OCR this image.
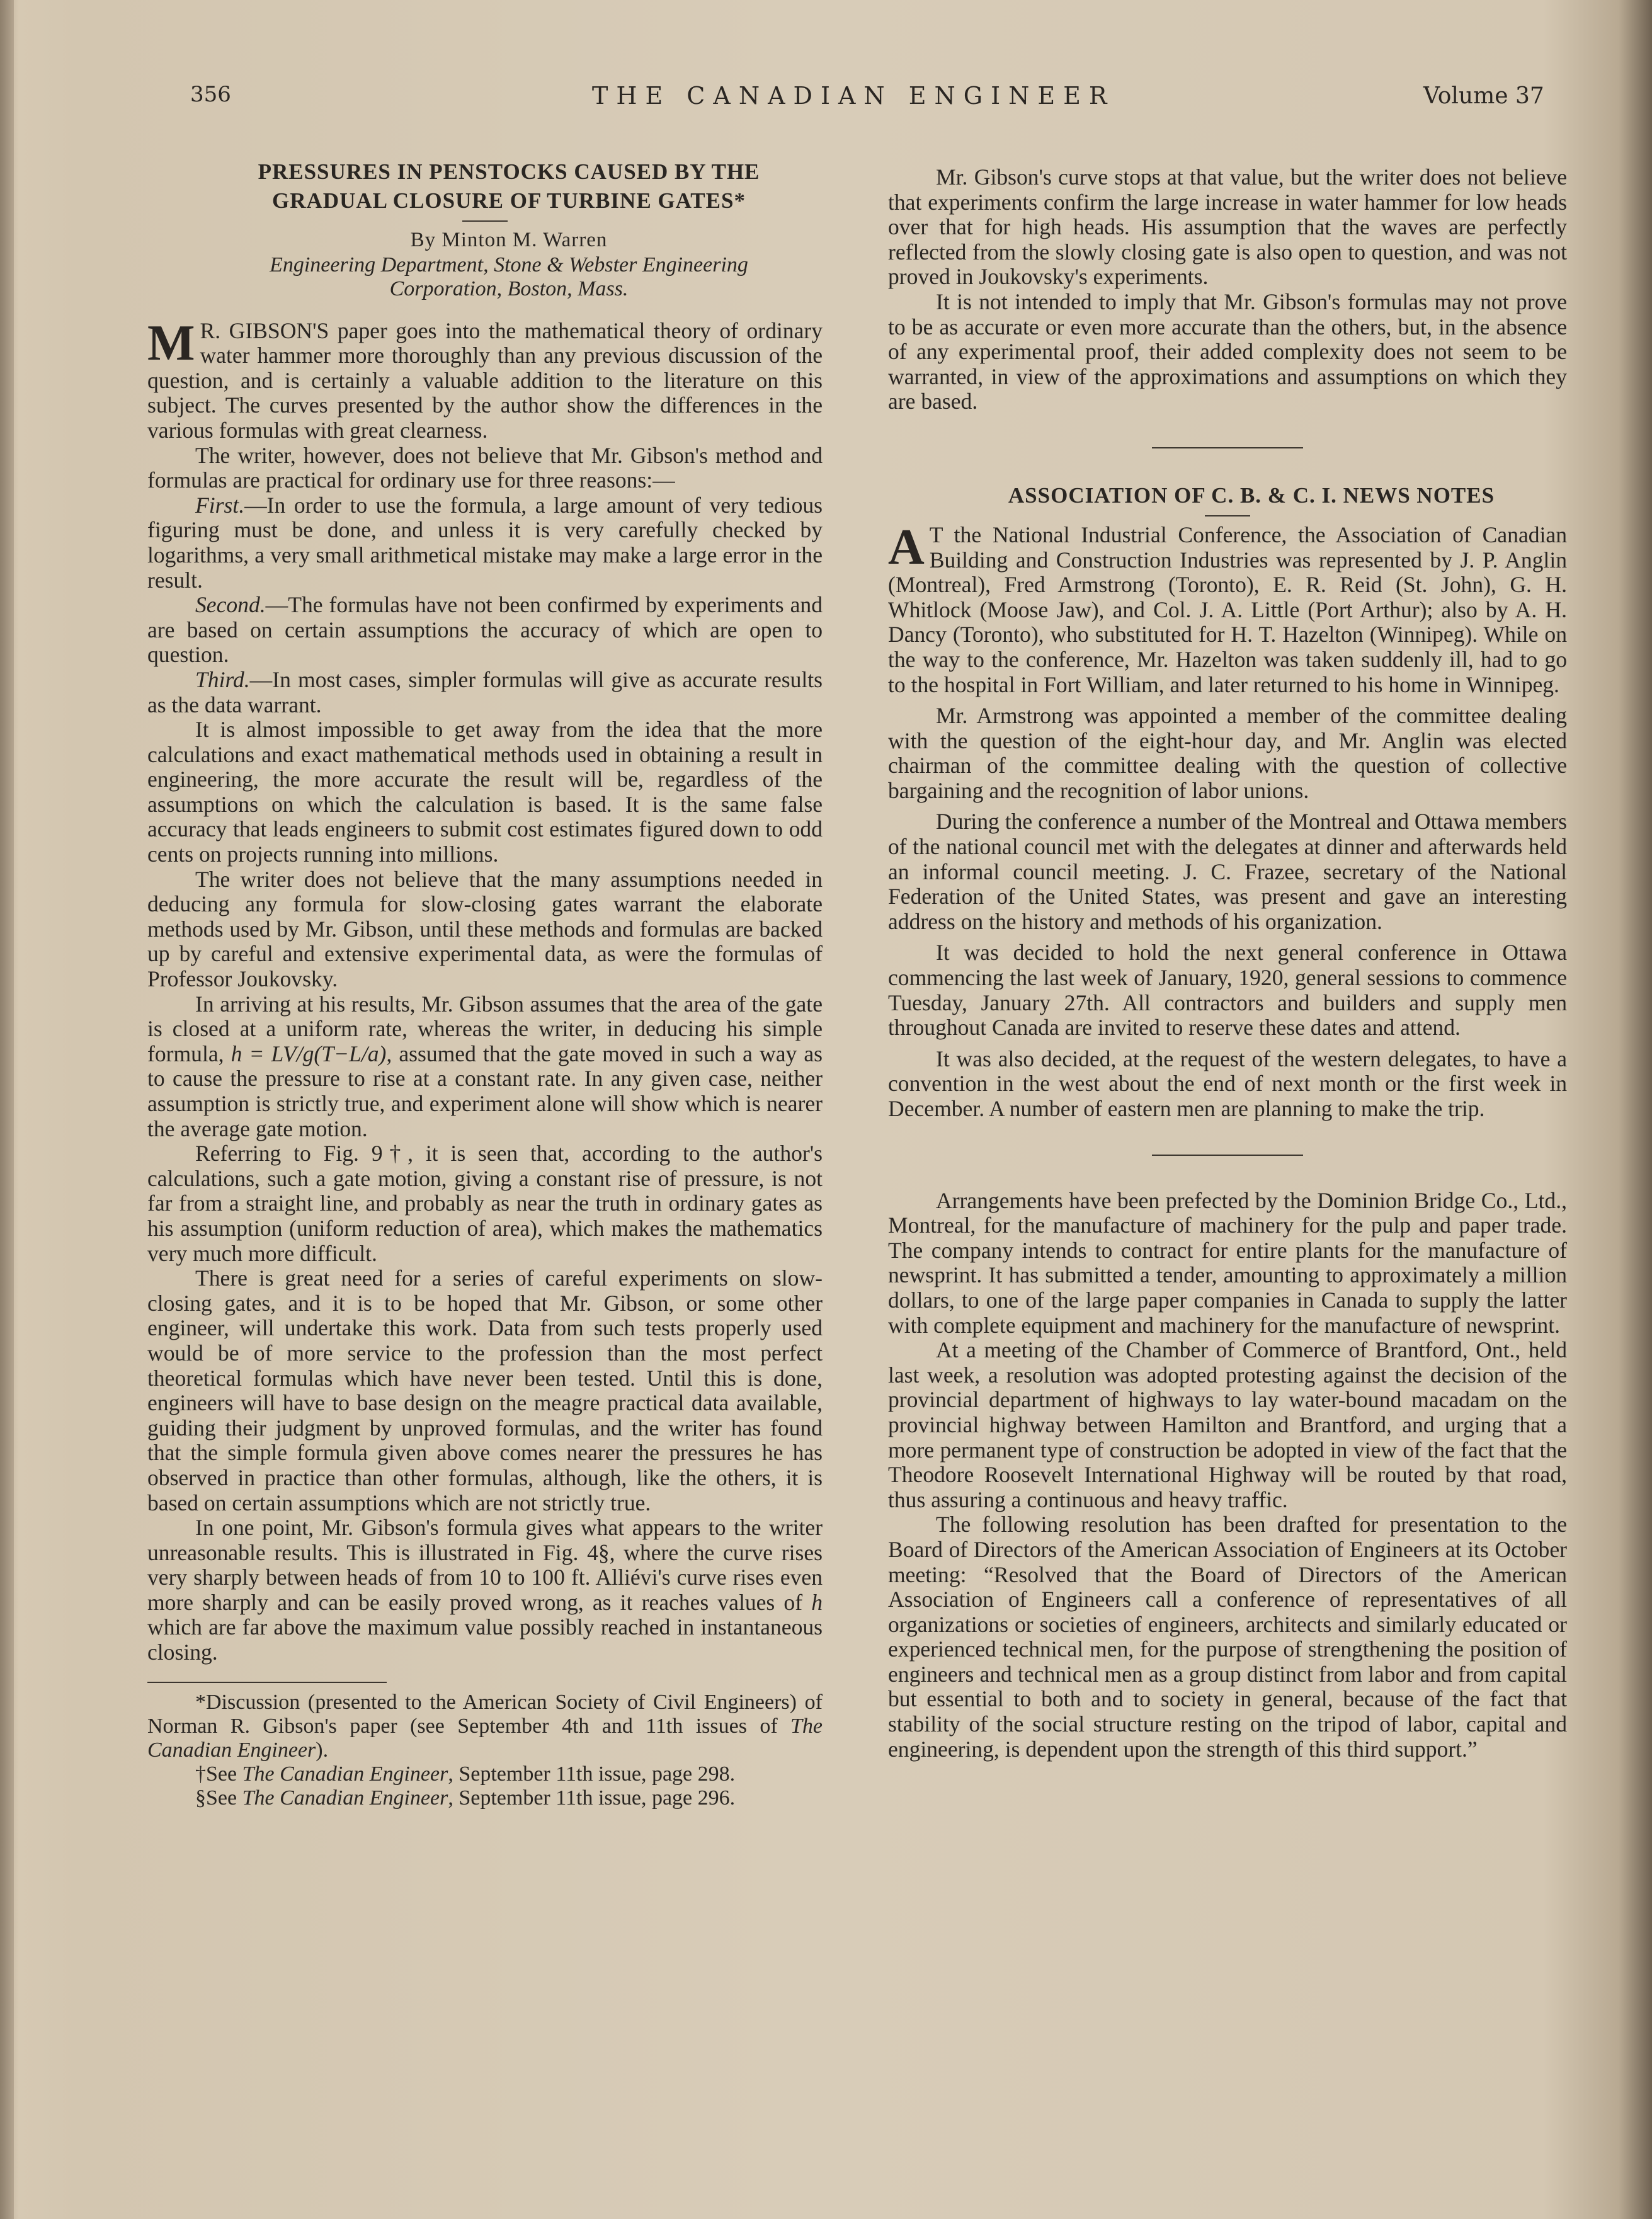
356	THE CANADIAN ENGINEER	Volume 37

PRESSURES IN PENSTOCKS CAUSED BY THE

GRADUAL CLOSURE OF TURBINE GATES*

By Minton M. Warren

Engineering Department, Stone & Webster Engineering

Corporation, Boston, Mass.

M R. GIBSON'S paper goes into the mathematical theory of ordinary water hammer more thoroughly than any previous discussion of the question, and is certainly a valuable addition to the literature on this subject. The curves presented by the author show the differences in the various formulas with great clearness.

The writer, however, does not believe that Mr. Gibson's method and formulas are practical for ordinary use for three reasons:—

First.—In order to use the formula, a large amount of very tedious figuring must be done, and unless it is very carefully checked by logarithms, a very small arithmetical mistake may make a large error in the result.

Second.—The formulas have not been confirmed by experiments and are based on certain assumptions the accuracy of which are open to question.

Third.—In most cases, simpler formulas will give as accurate results as the data warrant.

It is almost impossible to get away from the idea that the more calculations and exact mathematical methods used in obtaining a result in engineering, the more accurate the result will be, regardless of the assumptions on which the calculation is based. It is the same false accuracy that leads engineers to submit cost estimates figured down to odd cents on projects running into millions.

The writer does not believe that the many assumptions needed in deducing any formula for slow-closing gates warrant the elaborate methods used by Mr. Gibson, until these methods and formulas are backed up by careful and extensive experimental data, as were the formulas of Professor Joukovsky.

In arriving at his results, Mr. Gibson assumes that the area of the gate is closed at a uniform rate, whereas the writer, in deducing his simple formula, h = LV/g(T−L/a), assumed that the gate moved in such a way as to cause the pressure to rise at a constant rate. In any given case, neither assumption is strictly true, and experiment alone will show which is nearer the average gate motion.

Referring to Fig. 9†, it is seen that, according to the author's calculations, such a gate motion, giving a constant rise of pressure, is not far from a straight line, and probably as near the truth in ordinary gates as his assumption (uniform reduction of area), which makes the mathematics very much more difficult.

There is great need for a series of careful experiments on slow-closing gates, and it is to be hoped that Mr. Gibson, or some other engineer, will undertake this work. Data from such tests properly used would be of more service to the profession than the most perfect theoretical formulas which have never been tested. Until this is done, engineers will have to base design on the meagre practical data available, guiding their judgment by unproved formulas, and the writer has found that the simple formula given above comes nearer the pressures he has observed in practice than other formulas, although, like the others, it is based on certain assumptions which are not strictly true.

In one point, Mr. Gibson's formula gives what appears to the writer unreasonable results. This is illustrated in Fig. 4§, where the curve rises very sharply between heads of from 10 to 100 ft. Alliévi's curve rises even more sharply and can be easily proved wrong, as it reaches values of h which are far above the maximum value possibly reached in instantaneous closing.

*Discussion (presented to the American Society of Civil Engineers) of Norman R. Gibson's paper (see September 4th and 11th issues of The Canadian Engineer).

†See The Canadian Engineer, September 11th issue, page 298.

§See The Canadian Engineer, September 11th issue, page 296.

Mr. Gibson's curve stops at that value, but the writer does not believe that experiments confirm the large increase in water hammer for low heads over that for high heads. His assumption that the waves are perfectly reflected from the slowly closing gate is also open to question, and was not proved in Joukovsky's experiments.

It is not intended to imply that Mr. Gibson's formulas may not prove to be as accurate or even more accurate than the others, but, in the absence of any experimental proof, their added complexity does not seem to be warranted, in view of the approximations and assumptions on which they are based.

ASSOCIATION OF C. B. & C. I. NEWS NOTES

A T the National Industrial Conference, the Association of Canadian Building and Construction Industries was represented by J. P. Anglin (Montreal), Fred Armstrong (Toronto), E. R. Reid (St. John), G. H. Whitlock (Moose Jaw), and Col. J. A. Little (Port Arthur); also by A. H. Dancy (Toronto), who substituted for H. T. Hazelton (Winnipeg). While on the way to the conference, Mr. Hazelton was taken suddenly ill, had to go to the hospital in Fort William, and later returned to his home in Winnipeg.

Mr. Armstrong was appointed a member of the committee dealing with the question of the eight-hour day, and Mr. Anglin was elected chairman of the committee dealing with the question of collective bargaining and the recognition of labor unions.

During the conference a number of the Montreal and Ottawa members of the national council met with the delegates at dinner and afterwards held an informal council meeting. J. C. Frazee, secretary of the National Federation of the United States, was present and gave an interesting address on the history and methods of his organization.

It was decided to hold the next general conference in Ottawa commencing the last week of January, 1920, general sessions to commence Tuesday, January 27th. All contractors and builders and supply men throughout Canada are invited to reserve these dates and attend.

It was also decided, at the request of the western delegates, to have a convention in the west about the end of next month or the first week in December. A number of eastern men are planning to make the trip.

Arrangements have been prefected by the Dominion Bridge Co., Ltd., Montreal, for the manufacture of machinery for the pulp and paper trade. The company intends to contract for entire plants for the manufacture of newsprint. It has submitted a tender, amounting to approximately a million dollars, to one of the large paper companies in Canada to supply the latter with complete equipment and machinery for the manufacture of newsprint.

At a meeting of the Chamber of Commerce of Brantford, Ont., held last week, a resolution was adopted protesting against the decision of the provincial department of highways to lay water-bound macadam on the provincial highway between Hamilton and Brantford, and urging that a more permanent type of construction be adopted in view of the fact that the Theodore Roosevelt International Highway will be routed by that road, thus assuring a continuous and heavy traffic.

The following resolution has been drafted for presentation to the Board of Directors of the American Association of Engineers at its October meeting: “Resolved that the Board of Directors of the American Association of Engineers call a conference of representatives of all organizations or societies of engineers, architects and similarly educated or experienced technical men, for the purpose of strengthening the position of engineers and technical men as a group distinct from labor and from capital but essential to both and to society in general, because of the fact that stability of the social structure resting on the tripod of labor, capital and engineering, is dependent upon the strength of this third support.”
